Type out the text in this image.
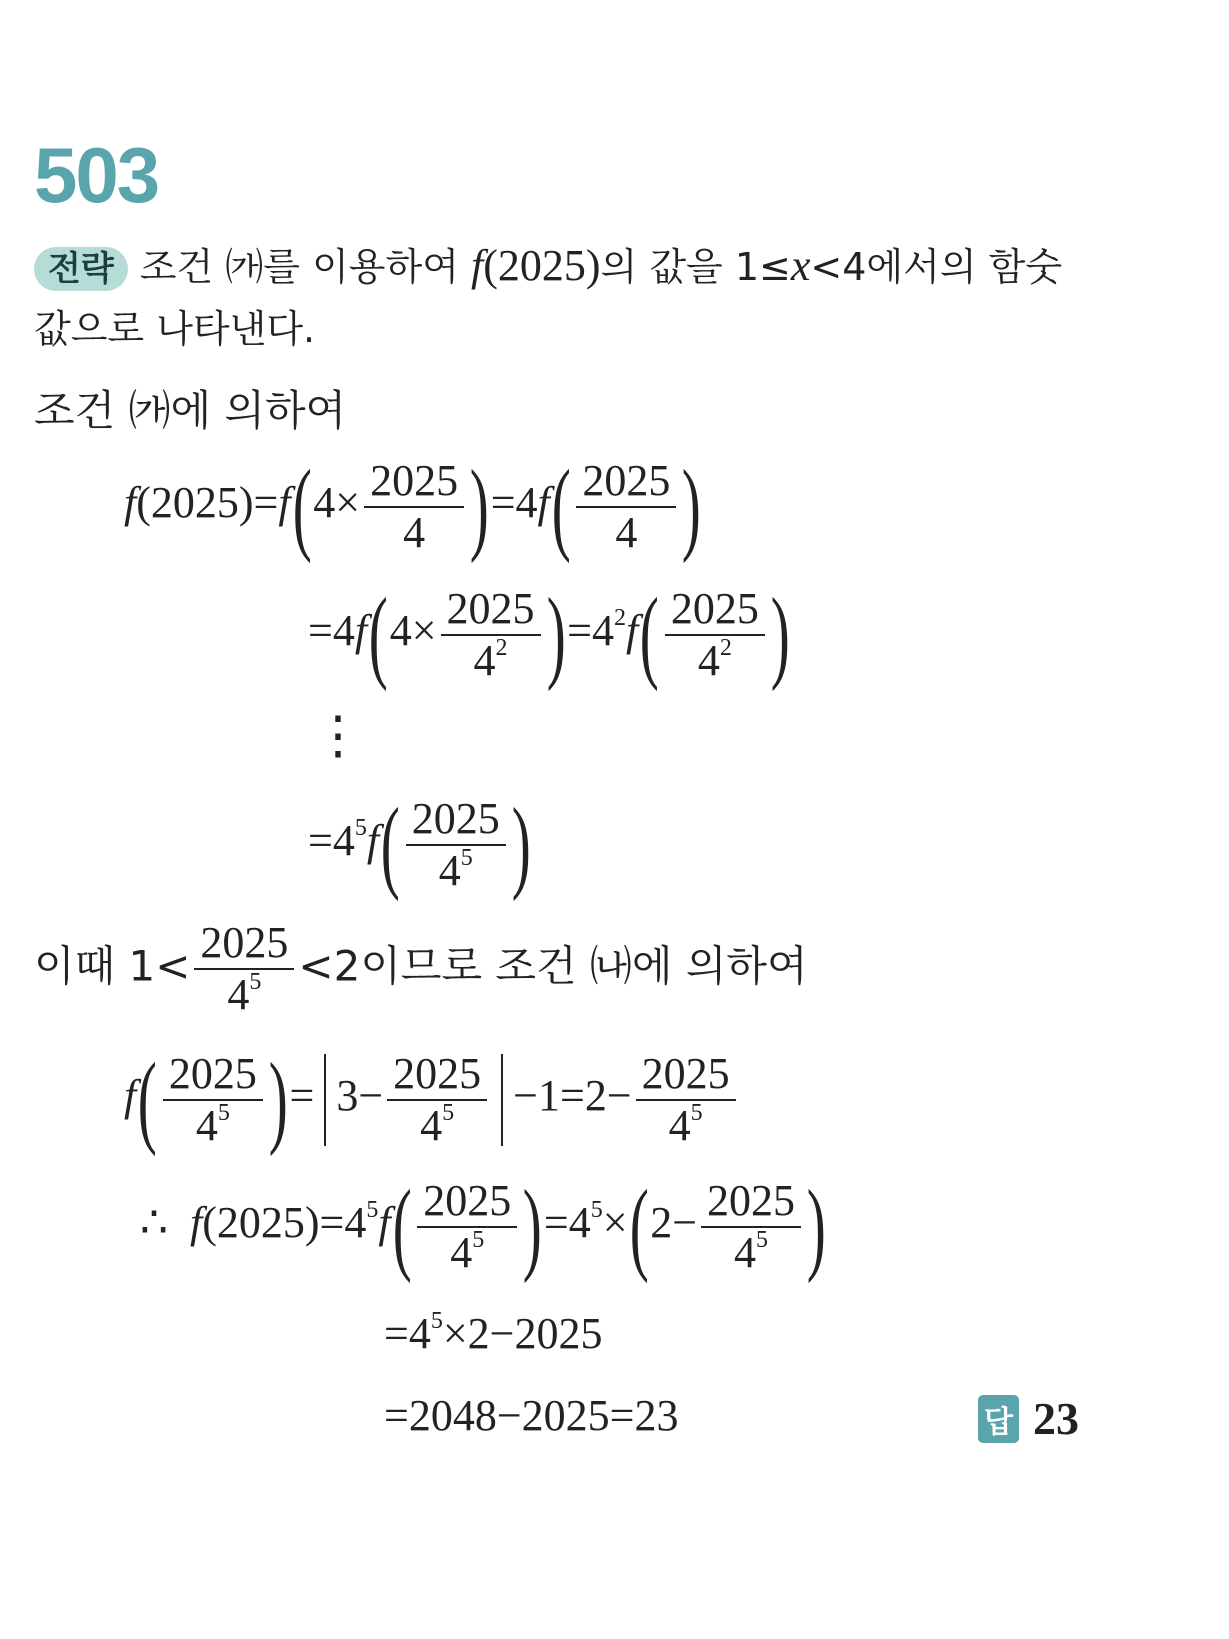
503
전략 조건 ㈎를 이용하여 f(2025)의 값을 1≤x<4에서의 함숫
값으로 나타낸다.
조건 ㈎에 의하여
$f(2025)=f(4\times \frac{2025}{4} )=4f( \frac{2025}{4}$ )
$=4f(4\times \frac{2025}{4^2} )=4^2f( \frac{2025}{4^2}$ )
⋮
$=4^5f( \frac{2025}{4^5}$ )
이때 $1< \frac{2025}{4^5} <2$이므로 조건 ㈏에 의하여
$f( \frac{2025}{4^5}$ )= $3- \frac{2025}{4^5} -1=2- \frac{2025}{4^5}$
∴ $f(2025)=4^5f( \frac{2025}{4^5} )=4^5\times(2- \frac{2025}{4^5}$ )
$=4^5\times 2-2025$
=2048−2025=23	답 23
